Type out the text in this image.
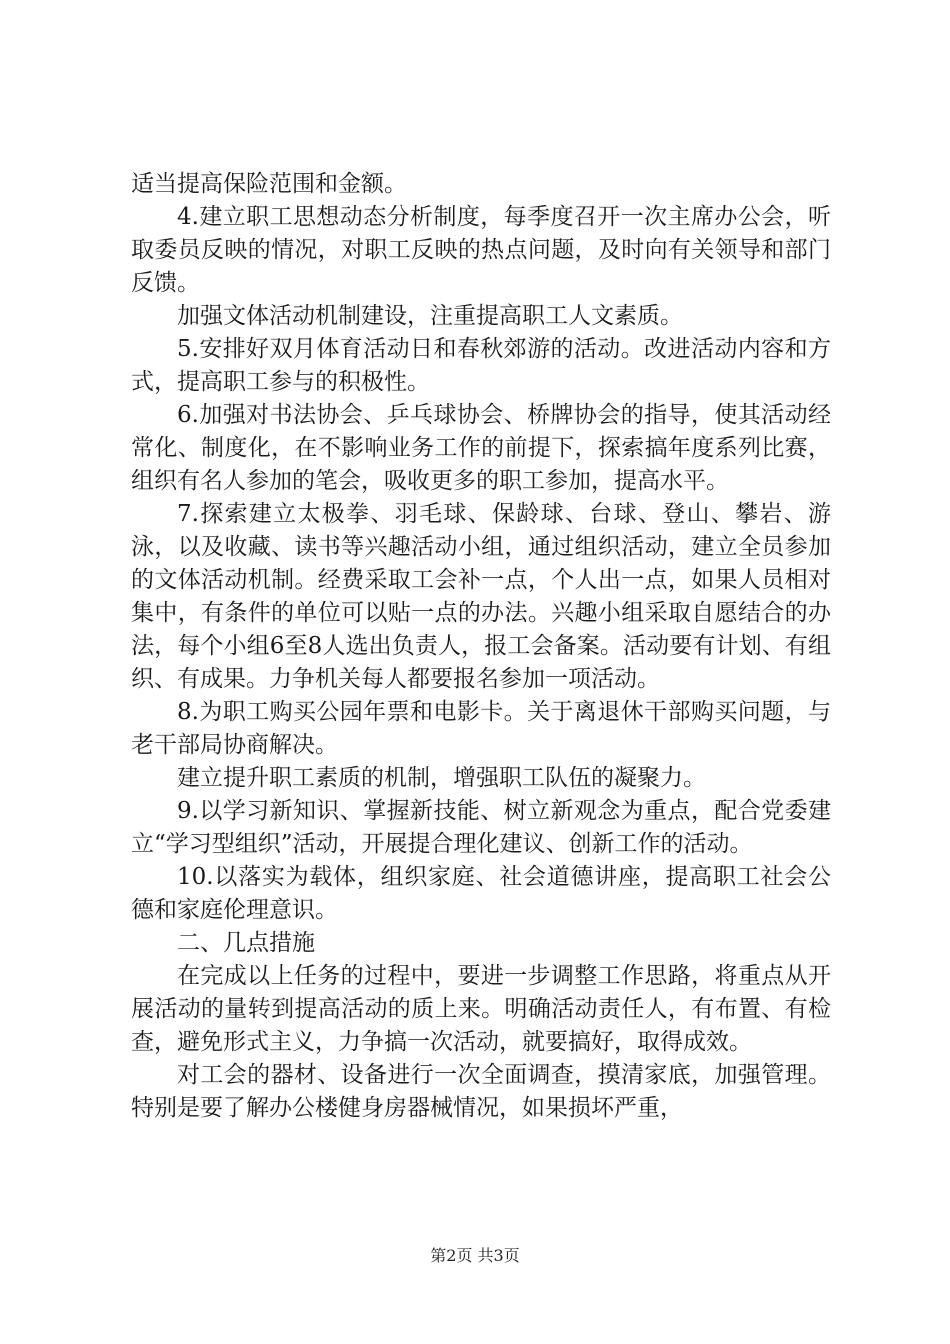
适当提高保险范围和金额。

4.建立职工思想动态分析制度，每季度召开一次主席办公会，听取委员反映的情况，对职工反映的热点问题，及时向有关领导和部门反馈。

加强文体活动机制建设，注重提高职工人文素质。

5.安排好双月体育活动日和春秋郊游的活动。改进活动内容和方式，提高职工参与的积极性。

6.加强对书法协会、乒乓球协会、桥牌协会的指导，使其活动经常化、制度化，在不影响业务工作的前提下，探索搞年度系列比赛，组织有名人参加的笔会，吸收更多的职工参加，提高水平。

7.探索建立太极拳、羽毛球、保龄球、台球、登山、攀岩、游泳，以及收藏、读书等兴趣活动小组，通过组织活动，建立全员参加的文体活动机制。经费采取工会补一点，个人出一点，如果人员相对集中，有条件的单位可以贴一点的办法。兴趣小组采取自愿结合的办法，每个小组6至8人选出负责人，报工会备案。活动要有计划、有组织、有成果。力争机关每人都要报名参加一项活动。

8.为职工购买公园年票和电影卡。关于离退休干部购买问题，与老干部局协商解决。

建立提升职工素质的机制，增强职工队伍的凝聚力。

9.以学习新知识、掌握新技能、树立新观念为重点，配合党委建立“学习型组织”活动，开展提合理化建议、创新工作的活动。

10.以落实为载体，组织家庭、社会道德讲座，提高职工社会公德和家庭伦理意识。

二、几点措施

在完成以上任务的过程中，要进一步调整工作思路，将重点从开展活动的量转到提高活动的质上来。明确活动责任人，有布置、有检查，避免形式主义，力争搞一次活动，就要搞好，取得成效。

对工会的器材、设备进行一次全面调查，摸清家底，加强管理。特别是要了解办公楼健身房器械情况，如果损坏严重，

第2页 共3页
